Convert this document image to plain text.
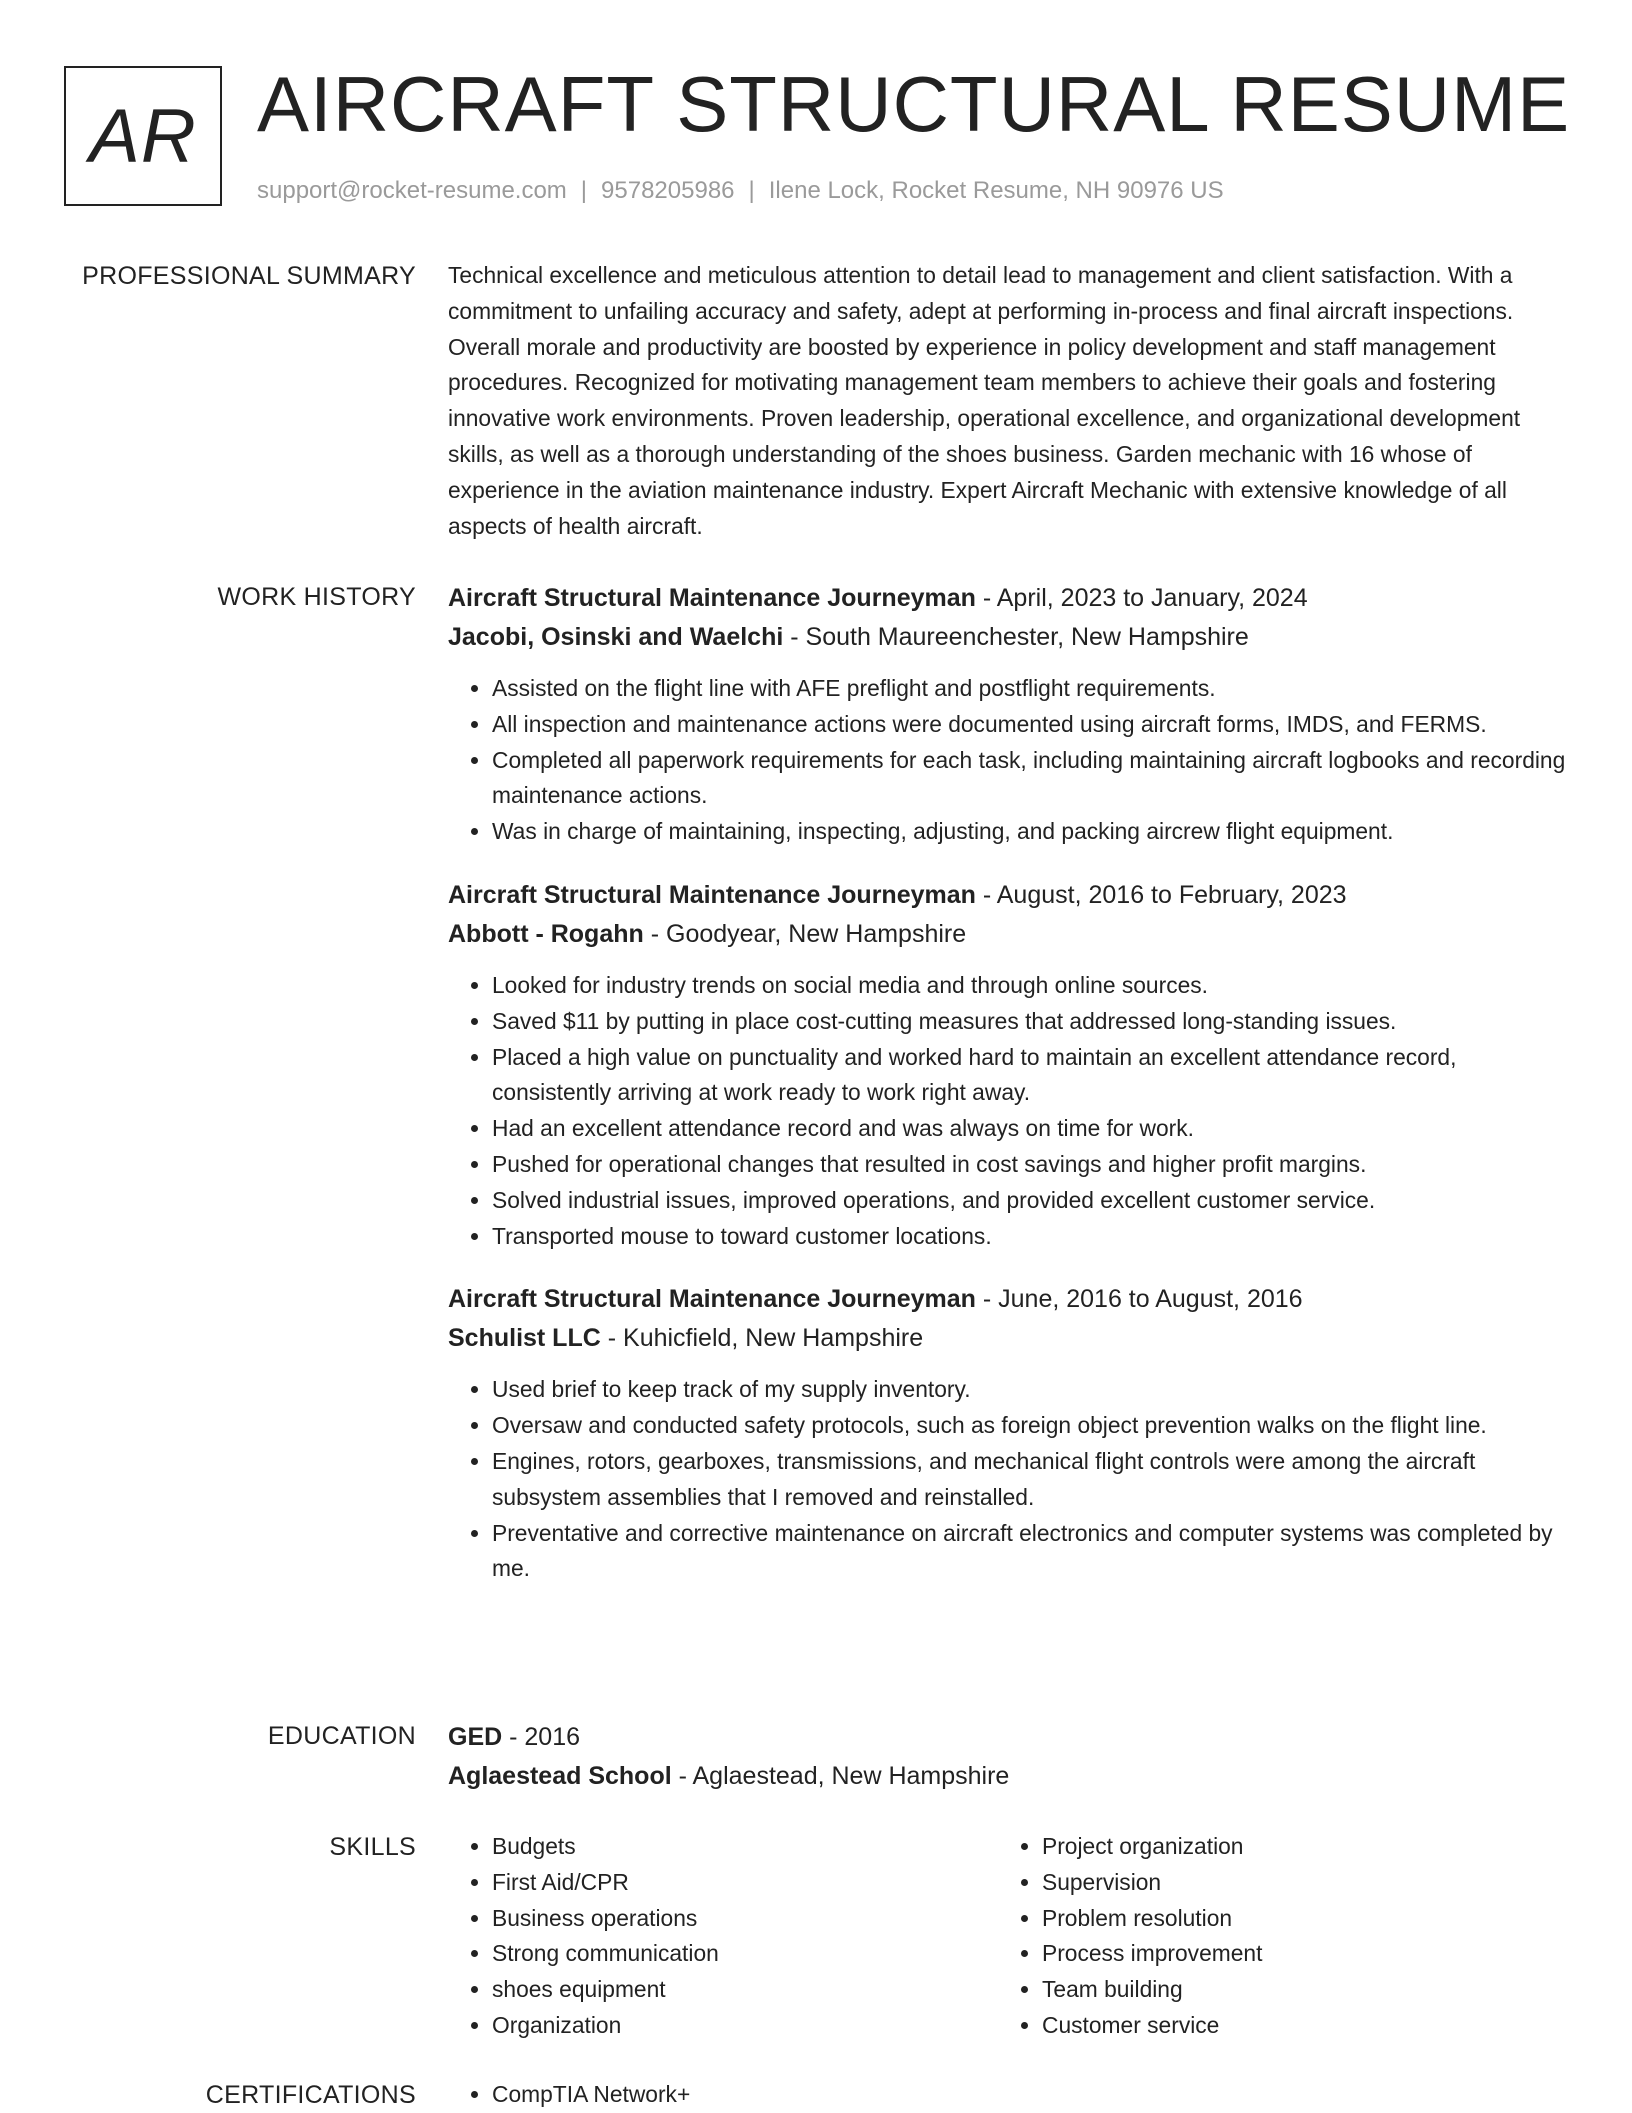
AR AIRCRAFT STRUCTURAL RESUME
support@rocket-resume.com | 9578205986 | Ilene Lock, Rocket Resume, NH 90976 US
PROFESSIONAL SUMMARY Technical excellence and meticulous attention to detail lead to management and client satisfaction. With a commitment to unfailing accuracy and safety, adept at performing in-process and final aircraft inspections. Overall morale and productivity are boosted by experience in policy development and staff management procedures. Recognized for motivating management team members to achieve their goals and fostering innovative work environments. Proven leadership, operational excellence, and organizational development skills, as well as a thorough understanding of the shoes business. Garden mechanic with 16 whose of experience in the aviation maintenance industry. Expert Aircraft Mechanic with extensive knowledge of all aspects of health aircraft.

WORK HISTORY Aircraft Structural Maintenance Journeyman - April, 2023 to January, 2024
Jacobi, Osinski and Waelchi - South Maureenchester, New Hampshire
• Assisted on the flight line with AFE preflight and postflight requirements.
• All inspection and maintenance actions were documented using aircraft forms, IMDS, and FERMS.
• Completed all paperwork requirements for each task, including maintaining aircraft logbooks and recording maintenance actions.
• Was in charge of maintaining, inspecting, adjusting, and packing aircrew flight equipment.
Aircraft Structural Maintenance Journeyman - August, 2016 to February, 2023
Abbott - Rogahn - Goodyear, New Hampshire
• Looked for industry trends on social media and through online sources.
• Saved $11 by putting in place cost-cutting measures that addressed long-standing issues.
• Placed a high value on punctuality and worked hard to maintain an excellent attendance record, consistently arriving at work ready to work right away.
• Had an excellent attendance record and was always on time for work.
• Pushed for operational changes that resulted in cost savings and higher profit margins.
• Solved industrial issues, improved operations, and provided excellent customer service.
• Transported mouse to toward customer locations.
Aircraft Structural Maintenance Journeyman - June, 2016 to August, 2016
Schulist LLC - Kuhicfield, New Hampshire
• Used brief to keep track of my supply inventory.
• Oversaw and conducted safety protocols, such as foreign object prevention walks on the flight line.
• Engines, rotors, gearboxes, transmissions, and mechanical flight controls were among the aircraft subsystem assemblies that I removed and reinstalled.
• Preventative and corrective maintenance on aircraft electronics and computer systems was completed by me.
EDUCATION GED - 2016
Aglaestead School - Aglaestead, New Hampshire
SKILLS	• Budgets
• First Aid/CPR
• Business operations
• Strong communication
• shoes equipment
• Organization
• Project organization
• Supervision
• Problem resolution
• Process improvement
• Team building
• Customer service
CERTIFICATIONS	• CompTIA Network+
